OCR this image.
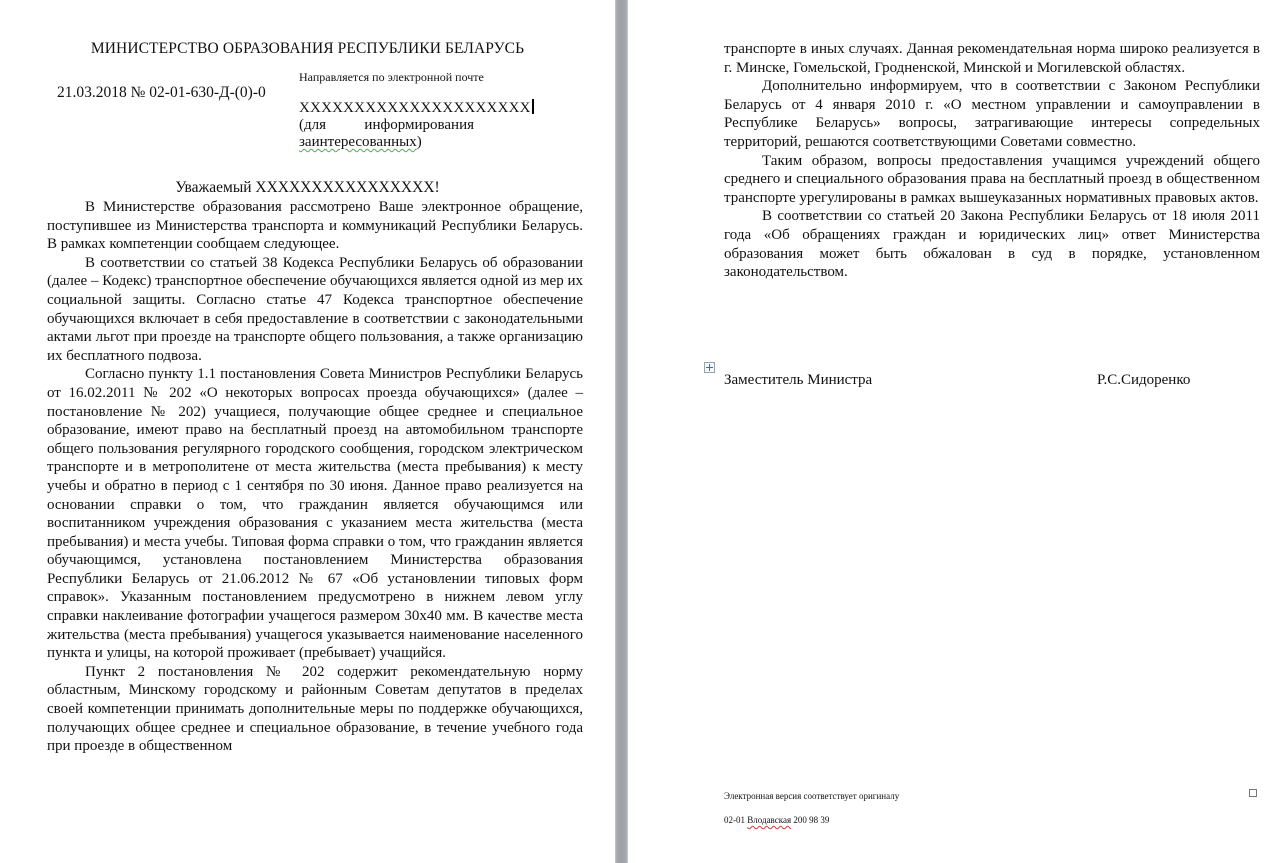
МИНИСТЕРСТВО ОБРАЗОВАНИЯ РЕСПУБЛИКИ БЕЛАРУСЬ
21.03.2018 № 02-01-630-Д-(0)-0
Направляется по электронной почте
XXXXXXXXXXXXXXXXXXXXX
(для информирования
заинтересованных)
Уважаемый XXXXXXXXXXXXXXXX!

В Министерстве образования рассмотрено Ваше электронное обращение, поступившее из Министерства транспорта и коммуникаций Республики Беларусь. В рамках компетенции сообщаем следующее.

В соответствии со статьей 38 Кодекса Республики Беларусь об образовании (далее – Кодекс) транспортное обеспечение обучающихся является одной из мер их социальной защиты. Согласно статье 47 Кодекса транспортное обеспечение обучающихся включает в себя предоставление в соответствии с законодательными актами льгот при проезде на транспорте общего пользования, а также организацию их бесплатного подвоза.

Согласно пункту 1.1 постановления Совета Министров Республики Беларусь от 16.02.2011 № 202 «О некоторых вопросах проезда обучающихся» (далее – постановление № 202) учащиеся, получающие общее среднее и специальное образование, имеют право на бесплатный проезд на автомобильном транспорте общего пользования регулярного городского сообщения, городском электрическом транспорте и в метрополитене от места жительства (места пребывания) к месту учебы и обратно в период с 1 сентября по 30 июня. Данное право реализуется на основании справки о том, что гражданин является обучающимся или воспитанником учреждения образования с указанием места жительства (места пребывания) и места учебы. Типовая форма справки о том, что гражданин является обучающимся, установлена постановлением Министерства образования Республики Беларусь от 21.06.2012 № 67 «Об установлении типовых форм справок». Указанным постановлением предусмотрено в нижнем левом углу справки наклеивание фотографии учащегося размером 30х40 мм. В качестве места жительства (места пребывания) учащегося указывается наименование населенного пункта и улицы, на которой проживает (пребывает) учащийся.

Пункт 2 постановления № 202 содержит рекомендательную норму областным, Минскому городскому и районным Советам депутатов в пределах своей компетенции принимать дополнительные меры по поддержке обучающихся, получающих общее среднее и специальное образование, в течение учебного года при проезде в общественном

транспорте в иных случаях. Данная рекомендательная норма широко реализуется в г. Минске, Гомельской, Гродненской, Минской и Могилевской областях.

Дополнительно информируем, что в соответствии с Законом Республики Беларусь от 4 января 2010 г. «О местном управлении и самоуправлении в Республике Беларусь» вопросы, затрагивающие интересы сопредельных территорий, решаются соответствующими Советами совместно.

Таким образом, вопросы предоставления учащимся учреждений общего среднего и специального образования права на бесплатный проезд в общественном транспорте урегулированы в рамках вышеуказанных нормативных правовых актов.

В соответствии со статьей 20 Закона Республики Беларусь от 18 июля 2011 года «Об обращениях граждан и юридических лиц» ответ Министерства образования может быть обжалован в суд в порядке, установленном законодательством.

Заместитель Министра	Р.С.Сидоренко
Электронная версия соответствует оригиналу
02-01 Влодавская 200 98 39
